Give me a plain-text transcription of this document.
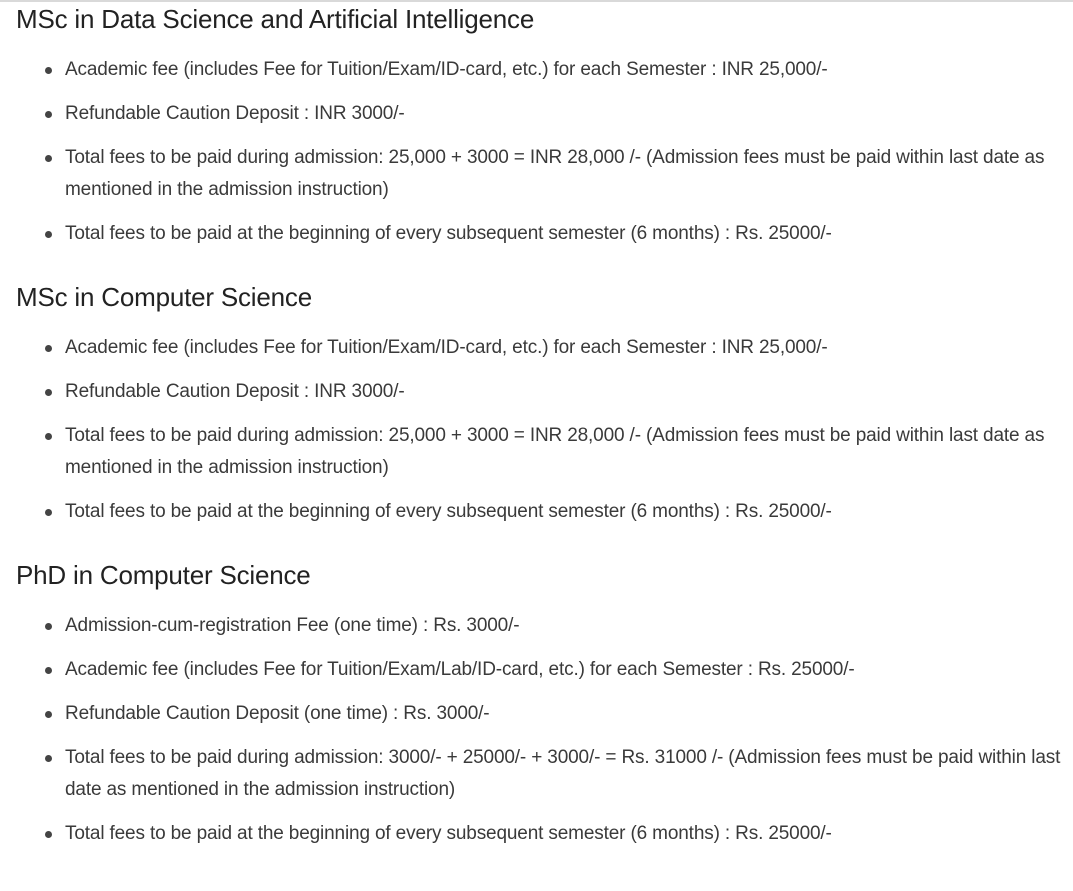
MSc in Data Science and Artificial Intelligence
Academic fee (includes Fee for Tuition/Exam/ID-card, etc.) for each Semester : INR 25,000/-
Refundable Caution Deposit : INR 3000/-
Total fees to be paid during admission: 25,000 + 3000 = INR 28,000 /- (Admission fees must be paid within last date as mentioned in the admission instruction)
Total fees to be paid at the beginning of every subsequent semester (6 months) : Rs. 25000/-
MSc in Computer Science
Academic fee (includes Fee for Tuition/Exam/ID-card, etc.) for each Semester : INR 25,000/-
Refundable Caution Deposit : INR 3000/-
Total fees to be paid during admission: 25,000 + 3000 = INR 28,000 /- (Admission fees must be paid within last date as mentioned in the admission instruction)
Total fees to be paid at the beginning of every subsequent semester (6 months) : Rs. 25000/-
PhD in Computer Science
Admission-cum-registration Fee (one time) : Rs. 3000/-
Academic fee (includes Fee for Tuition/Exam/Lab/ID-card, etc.) for each Semester : Rs. 25000/-
Refundable Caution Deposit (one time) : Rs. 3000/-
Total fees to be paid during admission: 3000/- + 25000/- + 3000/- = Rs. 31000 /- (Admission fees must be paid within last date as mentioned in the admission instruction)
Total fees to be paid at the beginning of every subsequent semester (6 months) : Rs. 25000/-
